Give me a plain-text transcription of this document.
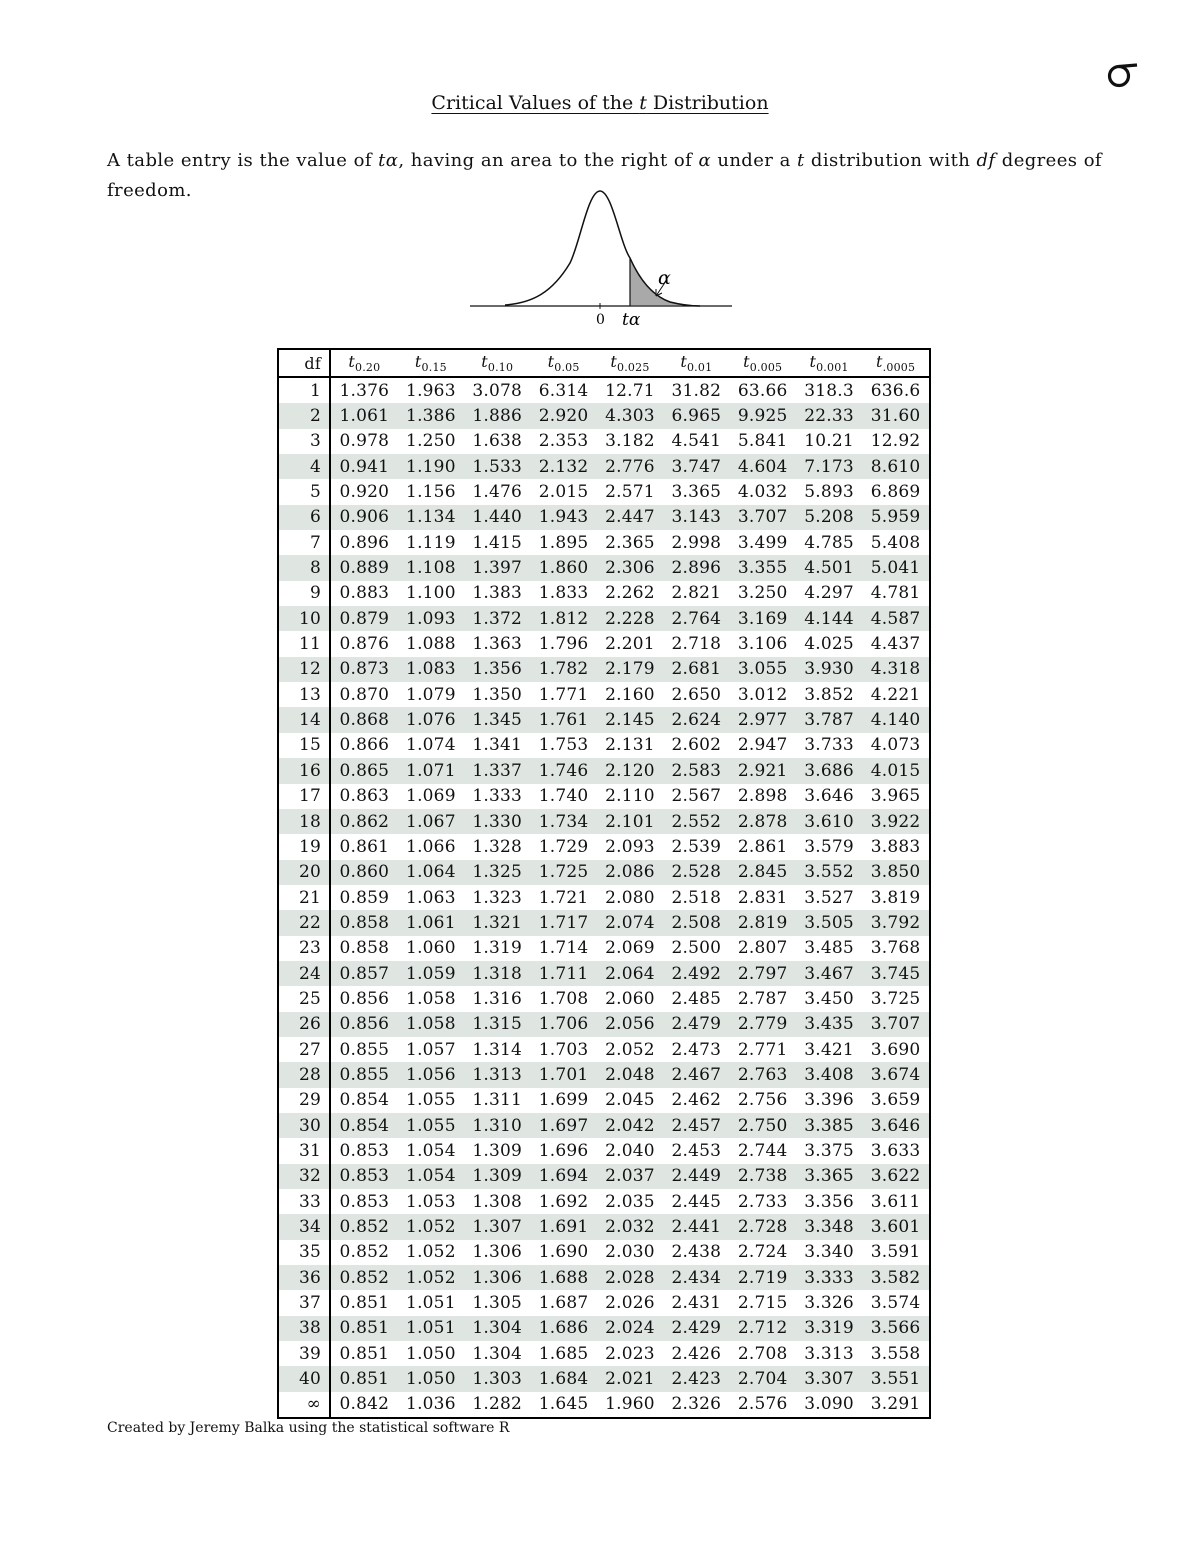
Critical Values of the t Distribution
A table entry is the value of tα, having an area to the right of α under a t distribution with df degrees of freedom.
α
0 tα
df	$t_{0.20}$	$t_{0.15}$	$t_{0.10}$	$t_{0.05}$	$t_{0.025}$	$t_{0.01}$	$t_{0.005}$	$t_{0.001}$	$t_{.0005}$
1	1.376	1.963	3.078	6.314	12.71	31.82	63.66	318.3	636.6
2	1.061	1.386	1.886	2.920	4.303	6.965	9.925	22.33	31.60
3	0.978	1.250	1.638	2.353	3.182	4.541	5.841	10.21	12.92
4	0.941	1.190	1.533	2.132	2.776	3.747	4.604	7.173	8.610
5	0.920	1.156	1.476	2.015	2.571	3.365	4.032	5.893	6.869
6	0.906	1.134	1.440	1.943	2.447	3.143	3.707	5.208	5.959
7	0.896	1.119	1.415	1.895	2.365	2.998	3.499	4.785	5.408
8	0.889	1.108	1.397	1.860	2.306	2.896	3.355	4.501	5.041
9	0.883	1.100	1.383	1.833	2.262	2.821	3.250	4.297	4.781
10	0.879	1.093	1.372	1.812	2.228	2.764	3.169	4.144	4.587
11	0.876	1.088	1.363	1.796	2.201	2.718	3.106	4.025	4.437
12	0.873	1.083	1.356	1.782	2.179	2.681	3.055	3.930	4.318
13	0.870	1.079	1.350	1.771	2.160	2.650	3.012	3.852	4.221
14	0.868	1.076	1.345	1.761	2.145	2.624	2.977	3.787	4.140
15	0.866	1.074	1.341	1.753	2.131	2.602	2.947	3.733	4.073
16	0.865	1.071	1.337	1.746	2.120	2.583	2.921	3.686	4.015
17	0.863	1.069	1.333	1.740	2.110	2.567	2.898	3.646	3.965
18	0.862	1.067	1.330	1.734	2.101	2.552	2.878	3.610	3.922
19	0.861	1.066	1.328	1.729	2.093	2.539	2.861	3.579	3.883
20	0.860	1.064	1.325	1.725	2.086	2.528	2.845	3.552	3.850
21	0.859	1.063	1.323	1.721	2.080	2.518	2.831	3.527	3.819
22	0.858	1.061	1.321	1.717	2.074	2.508	2.819	3.505	3.792
23	0.858	1.060	1.319	1.714	2.069	2.500	2.807	3.485	3.768
24	0.857	1.059	1.318	1.711	2.064	2.492	2.797	3.467	3.745
25	0.856	1.058	1.316	1.708	2.060	2.485	2.787	3.450	3.725
26	0.856	1.058	1.315	1.706	2.056	2.479	2.779	3.435	3.707
27	0.855	1.057	1.314	1.703	2.052	2.473	2.771	3.421	3.690
28	0.855	1.056	1.313	1.701	2.048	2.467	2.763	3.408	3.674
29	0.854	1.055	1.311	1.699	2.045	2.462	2.756	3.396	3.659
30	0.854	1.055	1.310	1.697	2.042	2.457	2.750	3.385	3.646
31	0.853	1.054	1.309	1.696	2.040	2.453	2.744	3.375	3.633
32	0.853	1.054	1.309	1.694	2.037	2.449	2.738	3.365	3.622
33	0.853	1.053	1.308	1.692	2.035	2.445	2.733	3.356	3.611
34	0.852	1.052	1.307	1.691	2.032	2.441	2.728	3.348	3.601
35	0.852	1.052	1.306	1.690	2.030	2.438	2.724	3.340	3.591
36	0.852	1.052	1.306	1.688	2.028	2.434	2.719	3.333	3.582
37	0.851	1.051	1.305	1.687	2.026	2.431	2.715	3.326	3.574
38	0.851	1.051	1.304	1.686	2.024	2.429	2.712	3.319	3.566
39	0.851	1.050	1.304	1.685	2.023	2.426	2.708	3.313	3.558
40	0.851	1.050	1.303	1.684	2.021	2.423	2.704	3.307	3.551
∞	0.842	1.036	1.282	1.645	1.960	2.326	2.576	3.090	3.291
Created by Jeremy Balka using the statistical software R
